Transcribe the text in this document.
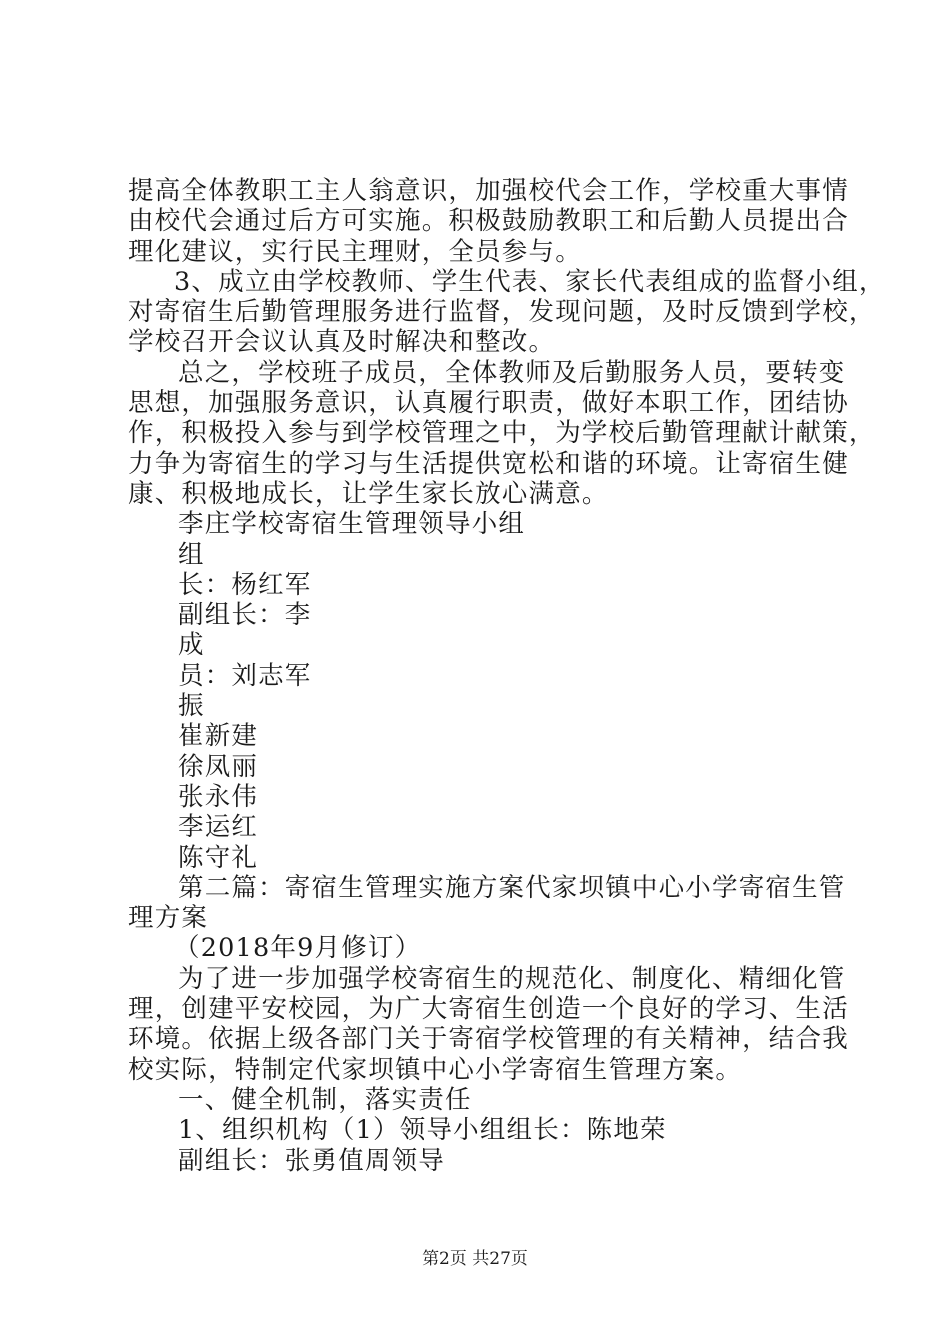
提高全体教职工主人翁意识，加强校代会工作，学校重大事情
由校代会通过后方可实施。积极鼓励教职工和后勤人员提出合
理化建议，实行民主理财，全员参与。
3、成立由学校教师、学生代表、家长代表组成的监督小组，
对寄宿生后勤管理服务进行监督，发现问题，及时反馈到学校，
学校召开会议认真及时解决和整改。
总之，学校班子成员，全体教师及后勤服务人员，要转变
思想，加强服务意识，认真履行职责，做好本职工作，团结协
作，积极投入参与到学校管理之中，为学校后勤管理献计献策，
力争为寄宿生的学习与生活提供宽松和谐的环境。让寄宿生健
康、积极地成长，让学生家长放心满意。
李庄学校寄宿生管理领导小组
组
长：杨红军
副组长：李
成
员：刘志军
振
崔新建
徐凤丽
张永伟
李运红
陈守礼
第二篇：寄宿生管理实施方案代家坝镇中心小学寄宿生管
理方案
（2018年9月修订）
为了进一步加强学校寄宿生的规范化、制度化、精细化管
理，创建平安校园，为广大寄宿生创造一个良好的学习、生活
环境。依据上级各部门关于寄宿学校管理的有关精神，结合我
校实际，特制定代家坝镇中心小学寄宿生管理方案。
一、健全机制，落实责任
1、组织机构（1）领导小组组长：陈地荣
副组长：张勇值周领导
第2页 共27页
